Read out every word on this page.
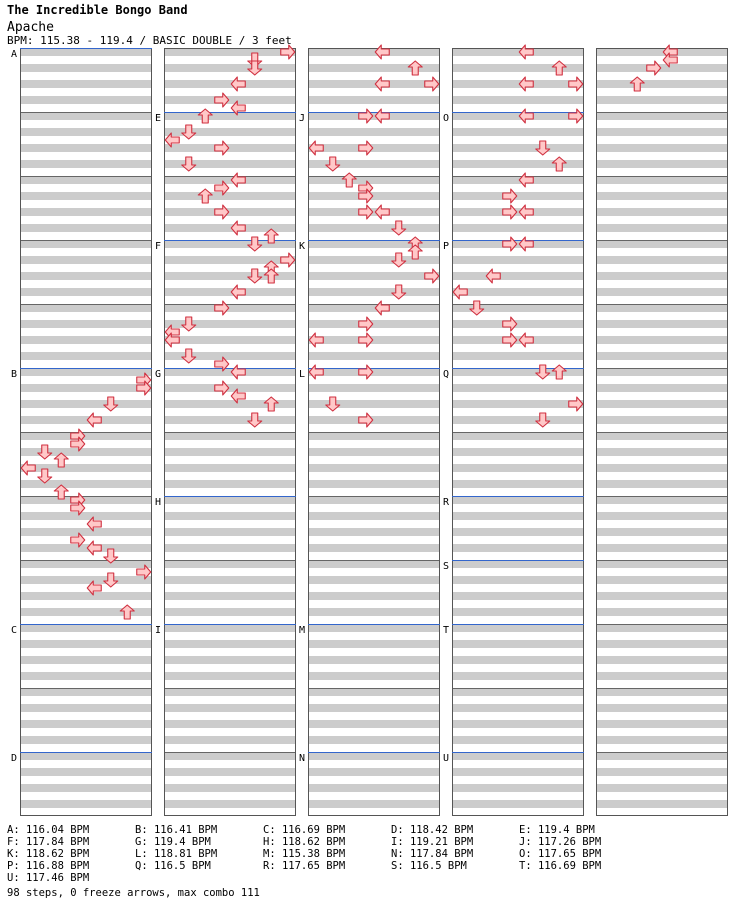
The Incredible Bongo Band
Apache
BPM: 115.38 - 119.4 / BASIC DOUBLE / 3 feet
A
B
C
D
E
F
G
H
I
J
K
L
M
N
O
P
Q
R
S
T
U
A: 116.04 BPM	B: 116.41 BPM	C: 116.69 BPM	D: 118.42 BPM	E: 119.4 BPM
F: 117.84 BPM	G: 119.4 BPM	H: 118.62 BPM	I: 119.21 BPM	J: 117.26 BPM
K: 118.62 BPM	L: 118.81 BPM	M: 115.38 BPM	N: 117.84 BPM	O: 117.65 BPM
P: 116.88 BPM	Q: 116.5 BPM	R: 117.65 BPM	S: 116.5 BPM	T: 116.69 BPM
U: 117.46 BPM
98 steps, 0 freeze arrows, max combo 111
